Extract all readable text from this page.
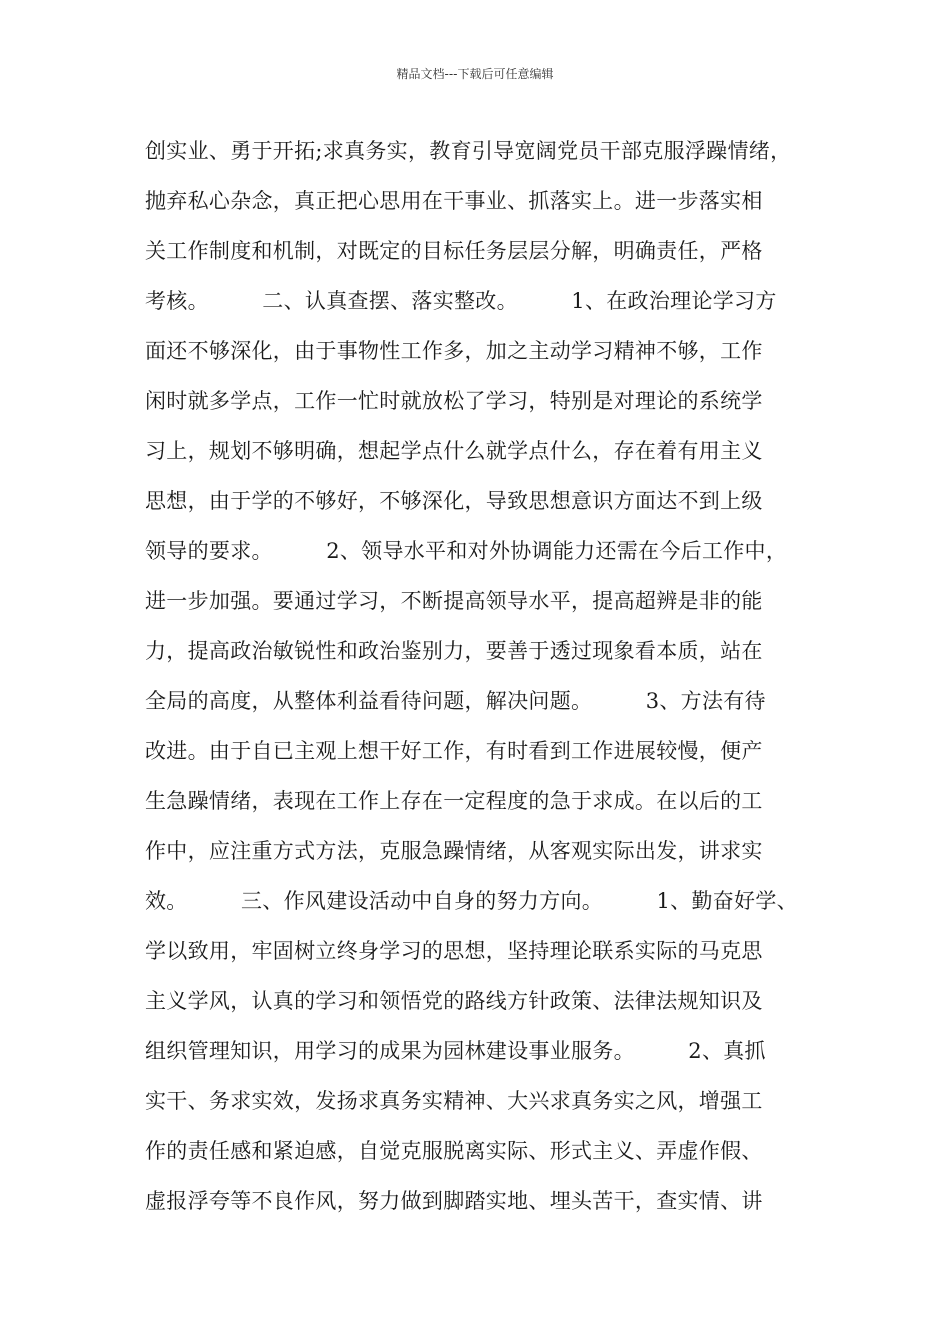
精品文档---下载后可任意编辑
创实业、勇于开拓;求真务实，教育引导宽阔党员干部克服浮躁情绪，
抛弃私心杂念，真正把心思用在干事业、抓落实上。进一步落实相
关工作制度和机制，对既定的目标任务层层分解，明确责任，严格
考核。　　　二、认真查摆、落实整改。　　　1、在政治理论学习方
面还不够深化，由于事物性工作多，加之主动学习精神不够，工作
闲时就多学点，工作一忙时就放松了学习，特别是对理论的系统学
习上，规划不够明确，想起学点什么就学点什么，存在着有用主义
思想，由于学的不够好，不够深化，导致思想意识方面达不到上级
领导的要求。　　　2、领导水平和对外协调能力还需在今后工作中，
进一步加强。要通过学习，不断提高领导水平，提高超辨是非的能
力，提高政治敏锐性和政治鉴别力，要善于透过现象看本质，站在
全局的高度，从整体利益看待问题，解决问题。　　　3、方法有待
改进。由于自已主观上想干好工作，有时看到工作进展较慢，便产
生急躁情绪，表现在工作上存在一定程度的急于求成。在以后的工
作中，应注重方式方法，克服急躁情绪，从客观实际出发，讲求实
效。　　　三、作风建设活动中自身的努力方向。　　　1、勤奋好学、
学以致用，牢固树立终身学习的思想，坚持理论联系实际的马克思
主义学风，认真的学习和领悟党的路线方针政策、法律法规知识及
组织管理知识，用学习的成果为园林建设事业服务。　　　2、真抓
实干、务求实效，发扬求真务实精神、大兴求真务实之风，增强工
作的责任感和紧迫感，自觉克服脱离实际、形式主义、弄虚作假、
虚报浮夸等不良作风，努力做到脚踏实地、埋头苦干，查实情、讲
